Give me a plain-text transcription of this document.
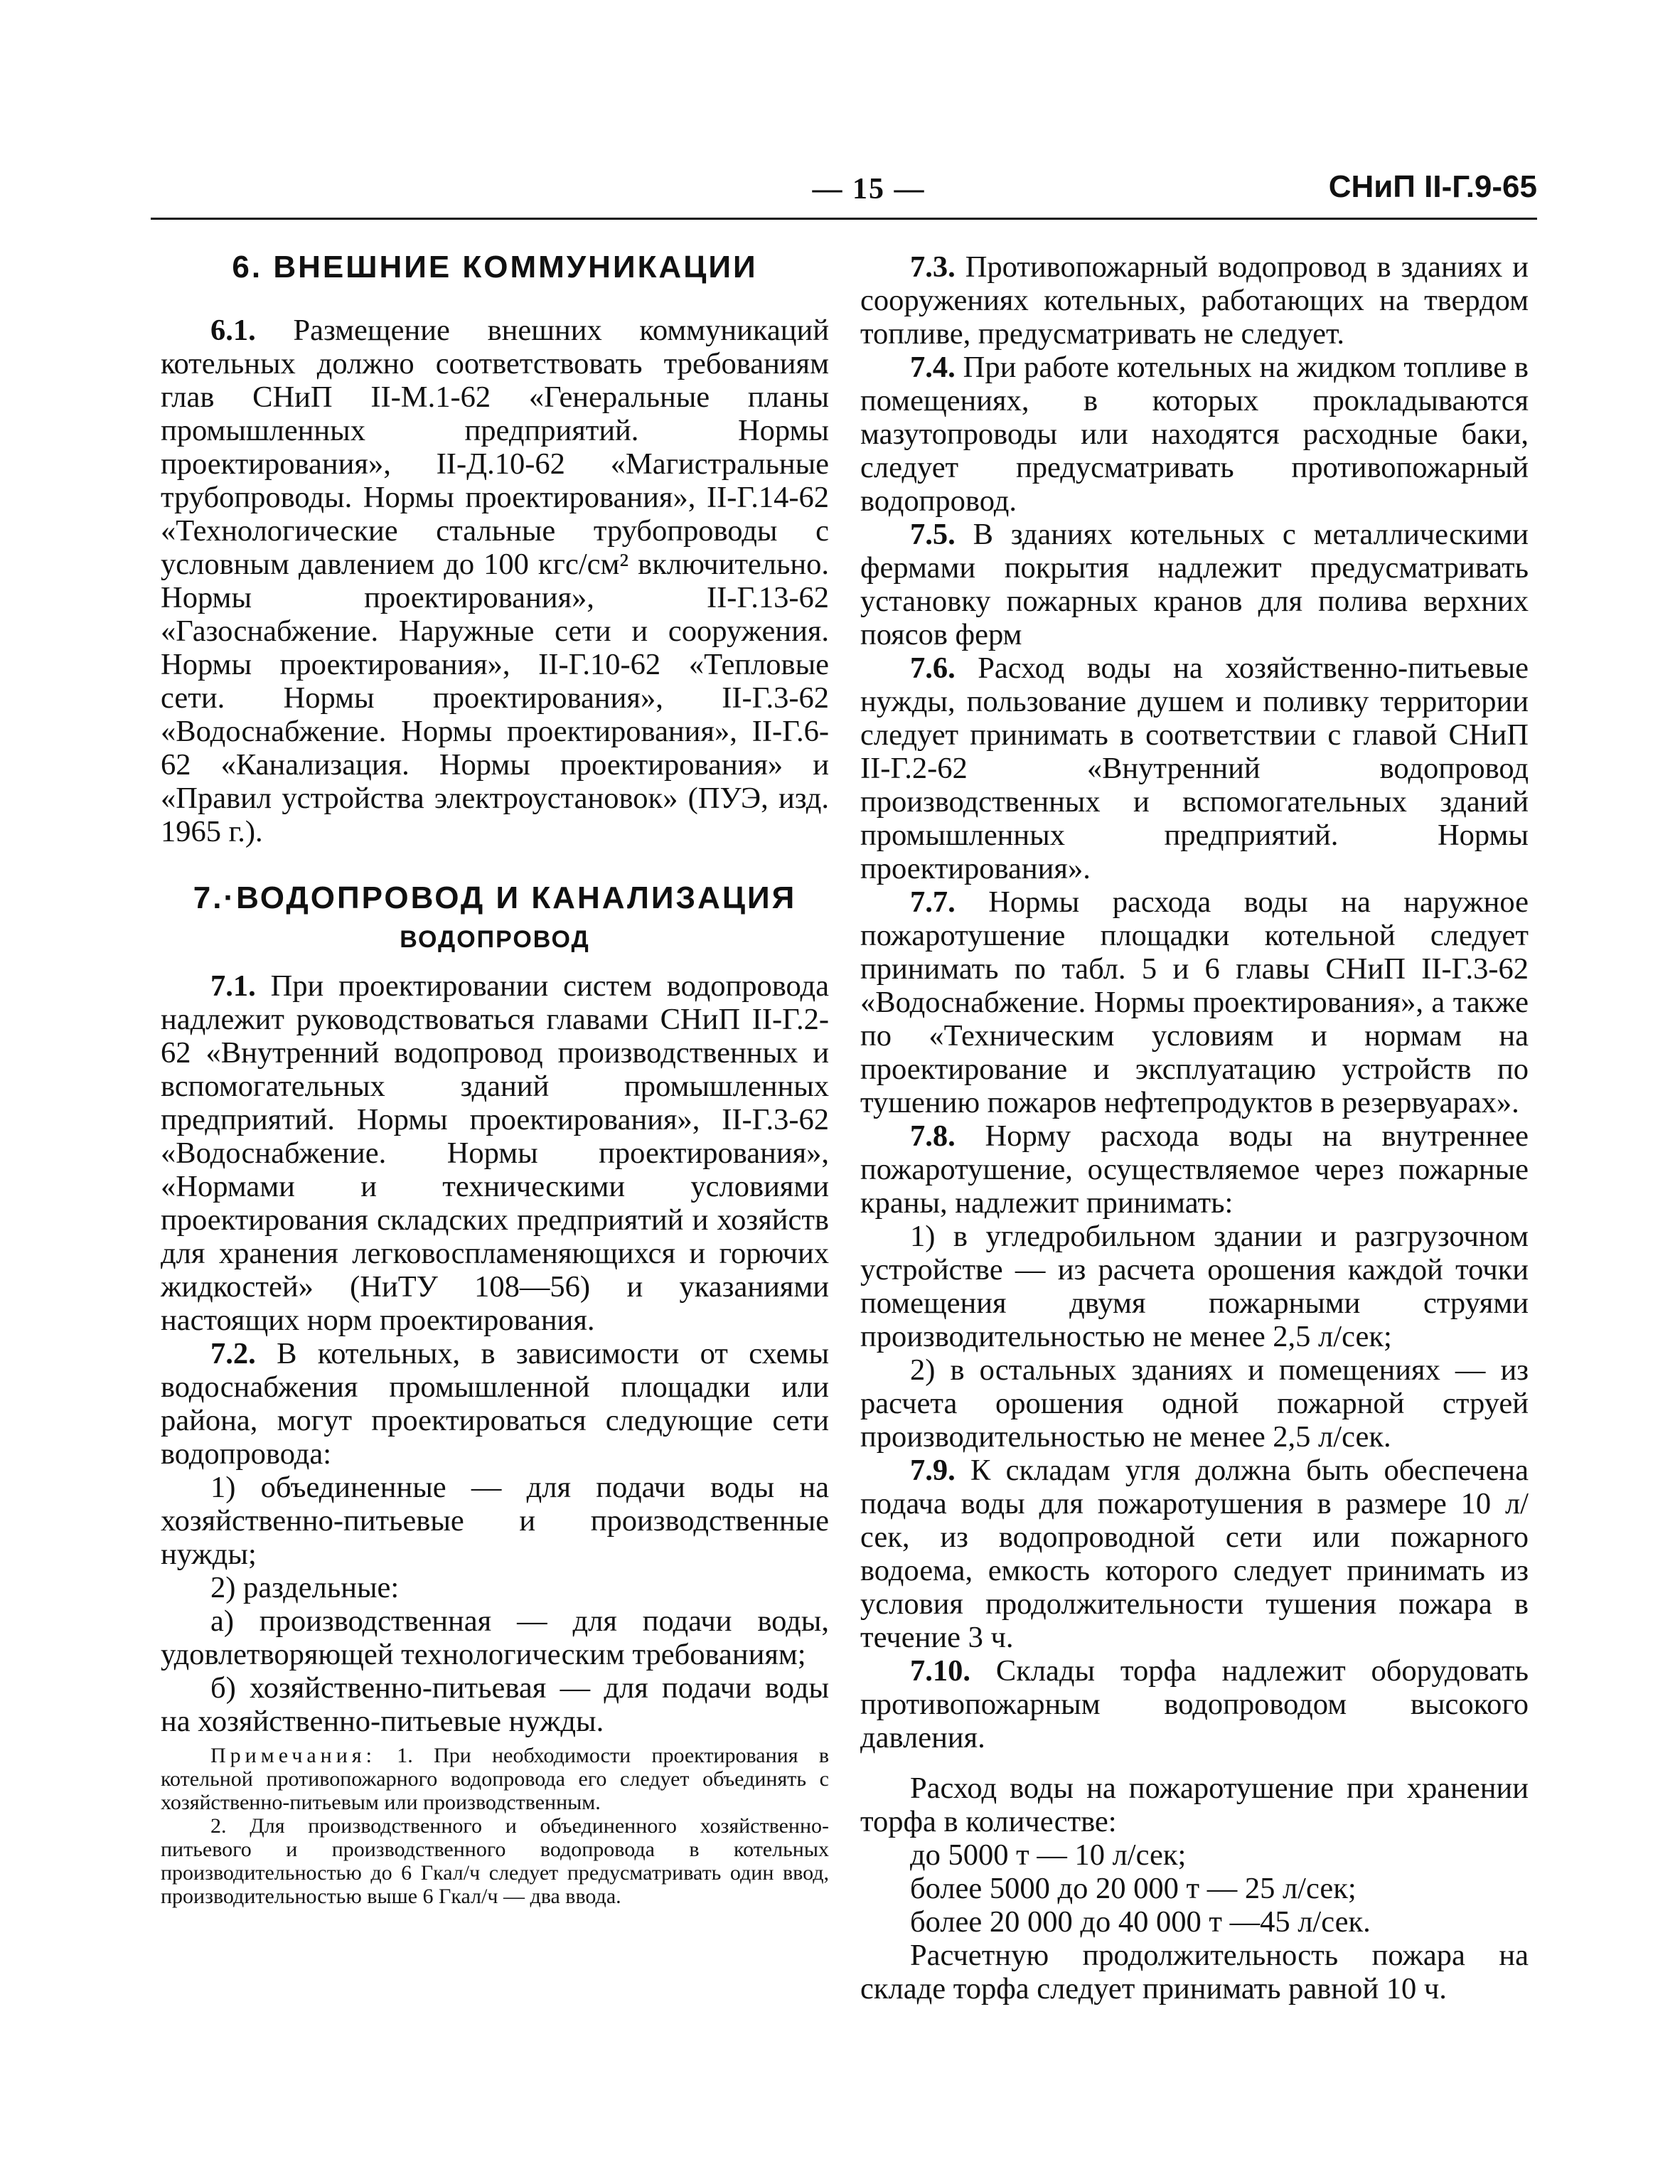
— 15 —	СНиП II-Г.9-65
6. ВНЕШНИЕ КОММУНИКАЦИИ

6.1. Размещение внешних коммуникаций котельных должно соответствовать требованиям глав СНиП II-М.1-62 «Генеральные планы промышленных предприятий. Нормы проектирования», II-Д.10-62 «Магистральные трубопроводы. Нормы проектирования», II-Г.14-62 «Технологические стальные трубопроводы с условным давлением до 100 кгс/см² включительно. Нормы проектирования», II-Г.13-62 «Газоснабжение. Наружные сети и сооружения. Нормы проектирования», II-Г.10-62 «Тепловые сети. Нормы проектирования», II-Г.3-62 «Водоснабжение. Нормы проектирования», II-Г.6-62 «Канализация. Нормы проектирования» и «Правил устройства электроустановок» (ПУЭ, изд. 1965 г.).

7.·ВОДОПРОВОД И КАНАЛИЗАЦИЯ
ВОДОПРОВОД

7.1. При проектировании систем водопровода надлежит руководствоваться главами СНиП II-Г.2-62 «Внутренний водопровод производственных и вспомогательных зданий промышленных предприятий. Нормы проектирования», II-Г.3-62 «Водоснабжение. Нормы проектирования», «Нормами и техническими условиями проектирования складских предприятий и хозяйств для хранения легковоспламеняющихся и горючих жидкостей» (НиТУ 108—56) и указаниями настоящих норм проектирования.

7.2. В котельных, в зависимости от схемы водоснабжения промышленной площадки или района, могут проектироваться следующие сети водопровода:

1) объединенные — для подачи воды на хозяйственно-питьевые и производственные нужды;

2) раздельные:

а) производственная — для подачи воды, удовлетворяющей технологическим требованиям;

б) хозяйственно-питьевая — для подачи воды на хозяйственно-питьевые нужды.

Примечания: 1. При необходимости проектирования в котельной противопожарного водопровода его следует объединять с хозяйственно-питьевым или производственным.

2. Для производственного и объединенного хозяйственно-питьевого и производственного водопровода в котельных производительностью до 6 Гкал/ч следует предусматривать один ввод, производительностью выше 6 Гкал/ч — два ввода.

7.3. Противопожарный водопровод в зданиях и сооружениях котельных, работающих на твердом топливе, предусматривать не следует.

7.4. При работе котельных на жидком топливе в помещениях, в которых прокладываются мазутопроводы или находятся расходные баки, следует предусматривать противопожарный водопровод.

7.5. В зданиях котельных с металлическими фермами покрытия надлежит предусматривать установку пожарных кранов для полива верхних поясов ферм

7.6. Расход воды на хозяйственно-питьевые нужды, пользование душем и поливку территории следует принимать в соответствии с главой СНиП II-Г.2-62 «Внутренний водопровод производственных и вспомогательных зданий промышленных предприятий. Нормы проектирования».

7.7. Нормы расхода воды на наружное пожаротушение площадки котельной следует принимать по табл. 5 и 6 главы СНиП II-Г.3-62 «Водоснабжение. Нормы проектирования», а также по «Техническим условиям и нормам на проектирование и эксплуатацию устройств по тушению пожаров нефтепродуктов в резервуарах».

7.8. Норму расхода воды на внутреннее пожаротушение, осуществляемое через пожарные краны, надлежит принимать:

1) в угледробильном здании и разгрузочном устройстве — из расчета орошения каждой точки помещения двумя пожарными струями производительностью не менее 2,5 л/сек;

2) в остальных зданиях и помещениях — из расчета орошения одной пожарной струей производительностью не менее 2,5 л/сек.

7.9. К складам угля должна быть обеспечена подача воды для пожаротушения в размере 10 л/сек, из водопроводной сети или пожарного водоема, емкость которого следует принимать из условия продолжительности тушения пожара в течение 3 ч.

7.10. Склады торфа надлежит оборудовать противопожарным водопроводом высокого давления.

Расход воды на пожаротушение при хранении торфа в количестве:

до 5000 т — 10 л/сек;

более 5000 до 20 000 т — 25 л/сек;

более 20 000 до 40 000 т —45 л/сек.

Расчетную продолжительность пожара на складе торфа следует принимать равной 10 ч.
